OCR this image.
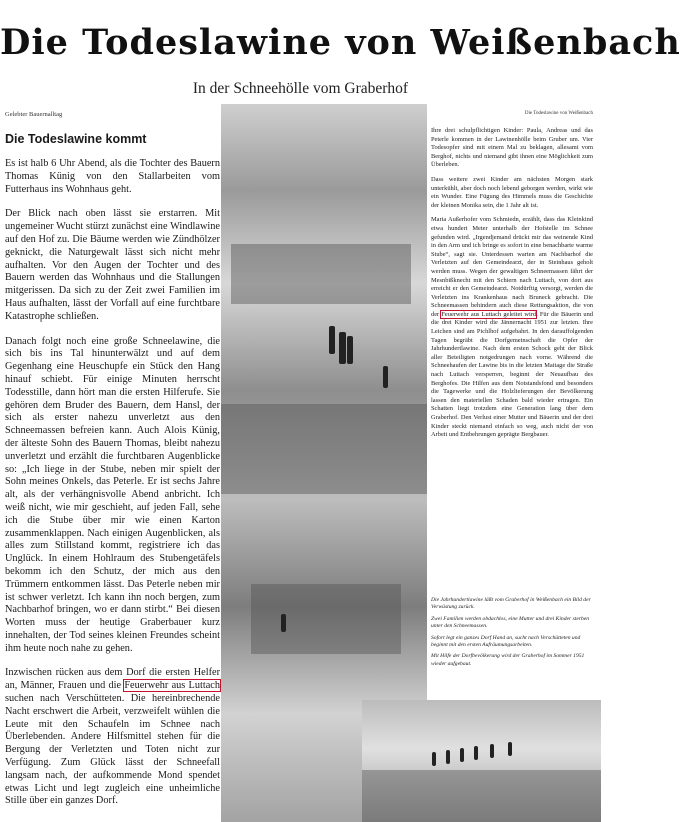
Die Todeslawine von Weißenbach
In der Schneehölle vom Graberhof
Gelebter Bauernalltag	Die Todeslawine von Weißenbach
Die Todeslawine kommt

Es ist halb 6 Uhr Abend, als die Tochter des Bauern Thomas Künig von den Stallarbeiten vom Futterhaus ins Wohnhaus geht.

Der Blick nach oben lässt sie erstarren. Mit ungemeiner Wucht stürzt zunächst eine Windlawine auf den Hof zu. Die Bäume werden wie Zündhölzer geknickt, die Naturgewalt lässt sich nicht mehr aufhalten. Vor den Augen der Tochter und des Bauern werden das Wohnhaus und die Stallungen mitgerissen. Da sich zu der Zeit zwei Familien im Haus aufhalten, lässt der Vorfall auf eine furchtbare Katastrophe schließen.

Danach folgt noch eine große Schneelawine, die sich bis ins Tal hinunterwälzt und auf dem Gegenhang eine Heuschupfe ein Stück den Hang hinauf schiebt. Für einige Minuten herrscht Todesstille, dann hört man die ersten Hilferufe. Sie gehören dem Bruder des Bauern, dem Hansl, der sich als erster nahezu unverletzt aus den Schneemassen befreien kann. Auch Alois Künig, der älteste Sohn des Bauern Thomas, bleibt nahezu unverletzt und erzählt die furchtbaren Augenblicke so: „Ich liege in der Stube, neben mir spielt der Sohn meines Onkels, das Peterle. Er ist sechs Jahre alt, als der verhängnisvolle Abend anbricht. Ich weiß nicht, wie mir geschieht, auf jeden Fall, sehe ich die Stube über mir wie einen Karton zusammenklappen. Nach einigen Augenblicken, als alles zum Stillstand kommt, registriere ich das Unglück. In einem Hohlraum des Stubengetäfels bekomm ich den Schutz, der mich aus den Trümmern entkommen lässt. Das Peterle neben mir ist schwer verletzt. Ich kann ihn noch bergen, zum Nachbarhof bringen, wo er dann stirbt.“ Bei diesen Worten muss der heutige Graberbauer kurz innehalten, der Tod seines kleinen Freundes scheint ihm heute noch nahe zu gehen.

Inzwischen rücken aus dem Dorf die ersten Helfer an, Männer, Frauen und die Feuerwehr aus Luttach suchen nach Verschütteten. Die hereinbrechende Nacht erschwert die Arbeit, verzweifelt wühlen die Leute mit den Schaufeln im Schnee nach Überlebenden. Andere Hilfsmittel stehen für die Bergung der Verletzten und Toten nicht zur Verfügung. Zum Glück lässt der Schneefall langsam nach, der aufkommende Mond spendet etwas Licht und legt zugleich eine unheimliche Stille über ein ganzes Dorf.

Ihre drei schulpflichtigen Kinder: Paula, Andreas und das Peterle kommen in der Lawinenhölle beim Gruber um. Vier Todesopfer sind mit einem Mal zu beklagen, allesamt vom Berghof, nichts und niemand gibt ihnen eine Möglichkeit zum Überleben.

Dass weitere zwei Kinder am nächsten Morgen stark unterkühlt, aber doch noch lebend geborgen werden, wirkt wie ein Wunder. Eine Fügung des Himmels muss die Geschichte der kleinen Monika sein, die 1 Jahr alt ist.

Maria Außerhofer vom Schmiedn, erzählt, dass das Kleinkind etwa hundert Meter unterhalb der Hofstelle im Schnee gefunden wird. „Irgendjemand drückt mir das weinende Kind in den Arm und ich bringe es sofort in eine benachbarte warme Stube“, sagt sie. Unterdessen warten am Nachbarhof die Verletzten auf den Gemeindearzt, der in Steinhaus geholt werden muss. Wegen der gewaltigen Schneemassen fährt der Mesnbißknecht mit den Schiern nach Luttach, von dort aus erreicht er den Gemeindearzt. Notdürftig versorgt, werden die Verletzten ins Krankenhaus nach Bruneck gebracht. Die Schneemassen behindern auch diese Rettungsaktion, die von der Feuerwehr aus Luttach geleitet wird. Für die Bäuerin und die drei Kinder wird die Jännernacht 1951 zur letzten. Ihre Leichen sind am Pichlhof aufgebahrt. In den darauffolgenden Tagen begräbt die Dorfgemeinschaft die Opfer der Jahrhundertlawine. Nach dem ersten Schock geht der Blick aller Beteiligten notgedrungen nach vorne. Während die Schneehaufen der Lawine bis in die letzten Maitage die Straße nach Luttach versperren, beginnt der Neuaufbau des Berghofes. Die Hilfen aus dem Notstandsfond und besonders die Tagewerke und die Holzlieferungen der Bevölkerung lassen den materiellen Schaden bald wieder ertragen. Ein Schatten liegt trotzdem eine Generation lang über dem Graberhof. Den Verlust einer Mutter und Bäuerin und der drei Kinder steckt niemand einfach so weg, auch nicht der von Arbeit und Entbehrungen geprägte Bergbauer.

Die Jahrhundertlawine läßt vom Graberhof in Weißenbach ein Bild der Verwüstung zurück.

Zwei Familien werden obdachlos, eine Mutter und drei Kinder sterben unter den Schneemassen.

Sofort legt ein ganzes Dorf Hand an, sucht nach Verschütteten und beginnt mit den ersten Aufräumungsarbeiten.

Mit Hilfe der Dorfbevölkerung wird der Graberhof im Sommer 1951 wieder aufgebaut.
